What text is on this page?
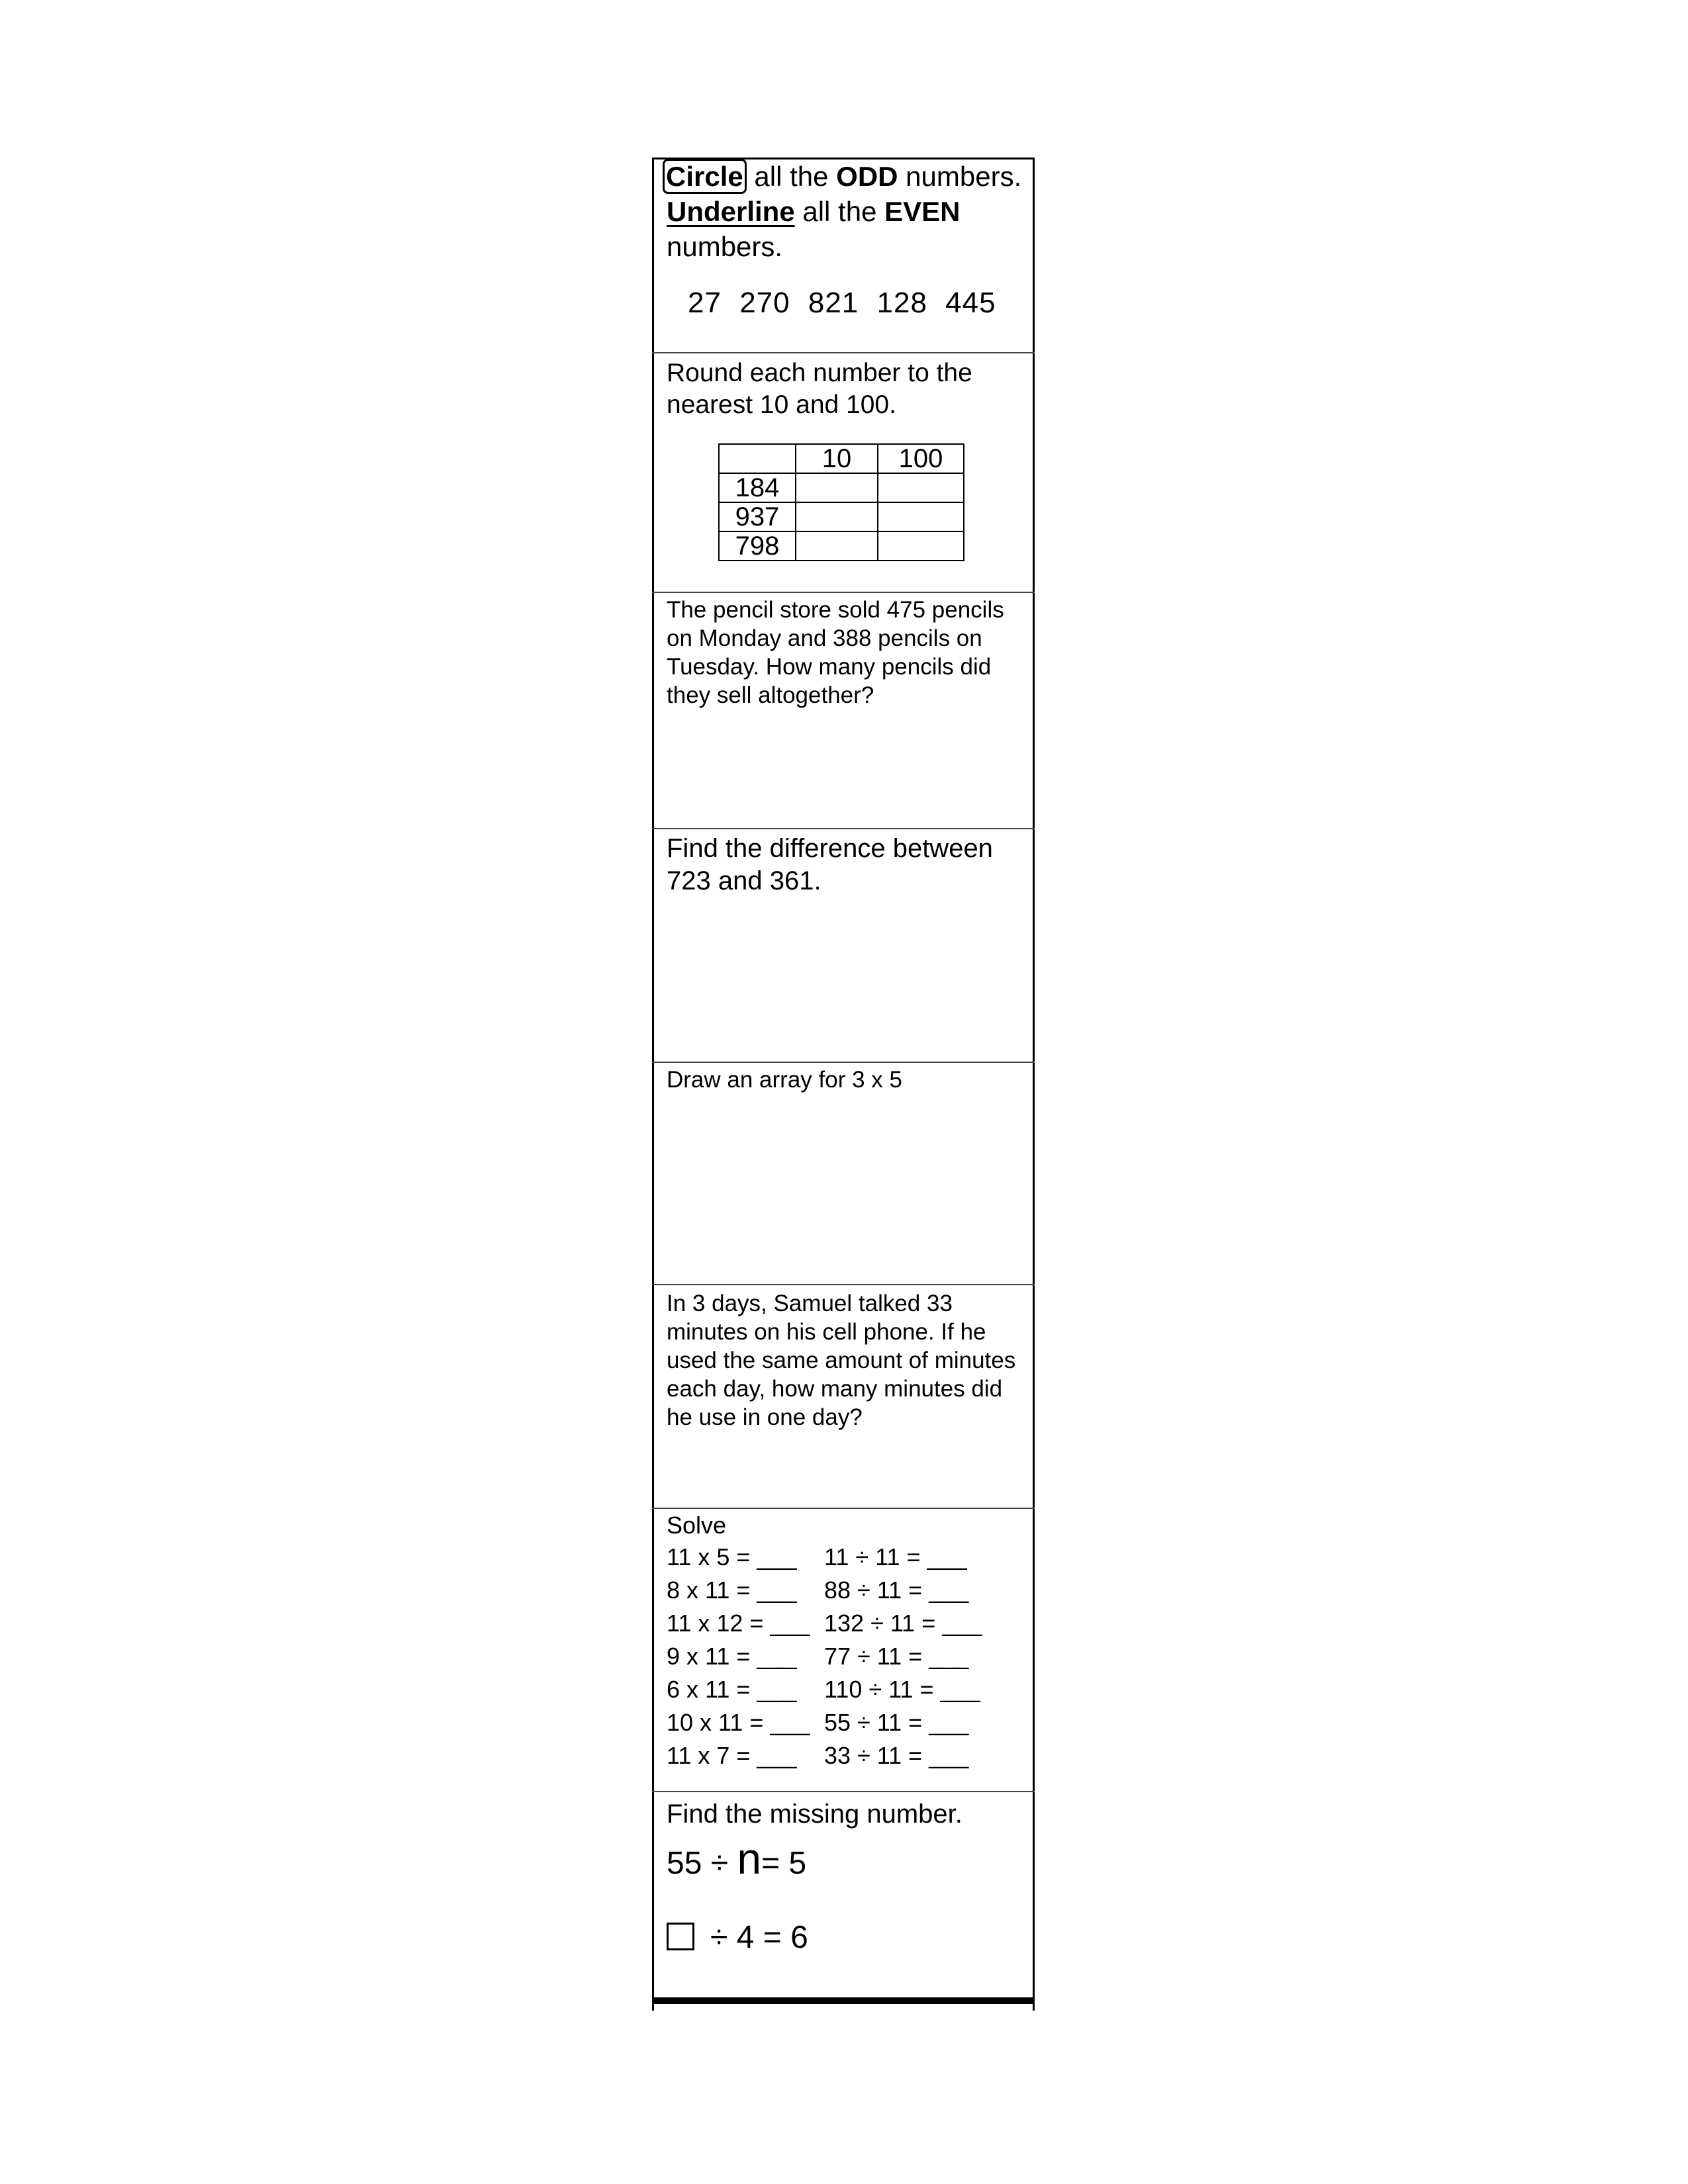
Circle all the ODD numbers. Underline all the EVEN numbers.
27 270 821 128 445
Round each number to the nearest 10 and 100.
	10	100
184		
937		
798		
The pencil store sold 475 pencils on Monday and 388 pencils on Tuesday. How many pencils did they sell altogether?
Find the difference between 723 and 361.
Draw an array for 3 x 5
In 3 days, Samuel talked 33 minutes on his cell phone. If he used the same amount of minutes each day, how many minutes did he use in one day?
Solve
11 x 5 = ___	11 ÷ 11 = ___
8 x 11 = ___	88 ÷ 11 = ___
11 x 12 = ___ 132 ÷ 11 = ___
9 x 11 = ___	77 ÷ 11 = ___
6 x 11 = ___	110 ÷ 11 = ___
10 x 11 = ___ 55 ÷ 11 = ___
11 x 7 = ___	33 ÷ 11 = ___
Find the missing number.
55 ÷ n= 5
÷ 4 = 6
